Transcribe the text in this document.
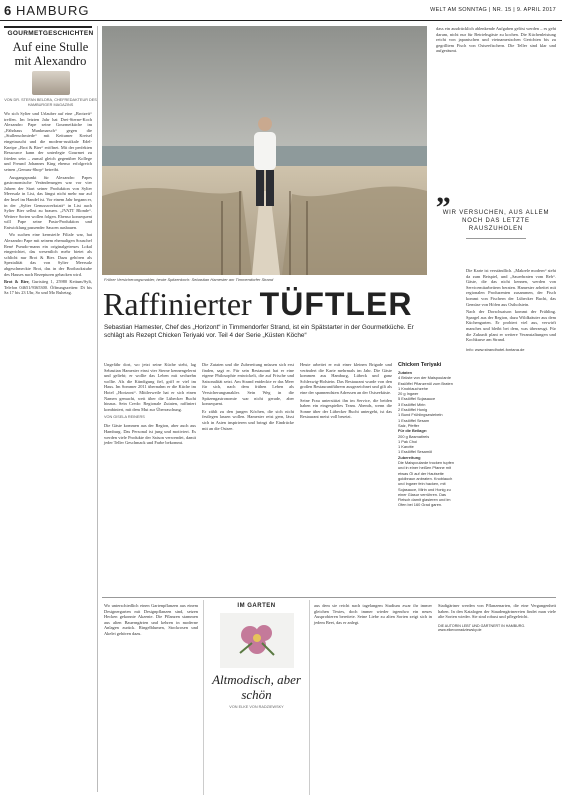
6 HAMBURG	WELT AM SONNTAG | NR. 15 | 9. APRIL 2017
GOURMETGESCHICHTEN
Auf eine Stulle mit Alexandro
VON DR. STEFAN BELDRA, CHEFREDAKTEUR DES HAMBURGER MAGAZINS

Wo sich Sylter und Urlauber auf eine „Brotzeit“ treffen. Im letzten Jahr hat Drei-Sterne-Koch Alexandro Pape seine Gourmetküche im „Fährhaus Munkmarsch“ gegen die „Stullenschmiede“ mit Keitumer Kreisel eingetauscht und die modern-rustikale Edel-Kneipe „Brot & Bier“ eröffnet. Mit der perfekten Ressource kann der unterlegte Gourmet zu frieden sein – zumal gleich gegenüber Kollege und Freund Johannes King ebenso erfolgreich seinen „Genuss-Shop“ betreibt.

Ausgangspunkt für Alexandro Papes gastronomische Veränderungen war vor vier Jahren der Start seiner Produktion von Sylter Meersalz in List, das längst nicht mehr nur auf der Insel im Handel ist. Vor einem Jahr begann er, in der „Sylter Genusswerkstatt“ in List auch Sylter Bier selbst zu brauen. „JVATT Blonde“. Weitere Sorten wollen folgen. Ebenso konsequent will Pape seine Pasta-Produktion und Entwicklung passender Saucen ausbauen.

Wo suchen eine kernsteife Filiale war, hat Alexandro Pape mit seinem ehemaligen Souschef René Pseudo-mann ein originalgetreues Lokal eingerichtet, das wesentlich mehr bietet als schlicht nur Brot & Bier. Dazu gehören als Spezialität das von Sylter Meersalz abgeschmeckte Brot, das in der Brotbackstube des Hauses nach Rezepturen gebacken wird.

Brot & Bier, Gurtstieg 1, 25980 Keitum/Sylt, Telefon 04651/9365300. Öffnungszeiten: Di bis Sa 17 bis 23 Uhr, So und Mo Ruhetag.

Früher Versicherungsmakler, heute Spitzenkoch: Sebastian Hamester am Timmendorfer Strand
Raffinierter TÜFTLER
Sebastian Hamester, Chef des „Horizont“ in Timmendorfer Strand, ist ein Spätstarter in der Gourmetküche. Er schlägt als Rezept Chicken Teriyaki vor. Teil 4 der Serie „Küsten Köche“

Ungefähr dort, wo jetzt seine Küche steht, lag Sebastian Hamester einst vier Sterne kennengelernt und geliebt; er wollte das Leben mit sechzehn wollte. Als die Kündigung fiel, griff er viel im Haus. Im Sommer 2011 übernahm er die Küche im Hotel „Horizont“. Mittlerweile hat er sich einen Namen gemacht, weit über die Lübecker Bucht hinaus. Sein Credo: Regionale Zutaten, raffiniert kombiniert, mit dem Mut zur Überraschung.

VON GISELA REINERS

Die Gäste kommen aus der Region, aber auch aus Hamburg. Das Personal ist jung und motiviert. Es werden viele Produkte der Saison verwendet, damit jeder Teller Geschmack und Farbe bekommt.

Die Zutaten und die Zubereitung müssen sich erst finden, sagt er. Für sein Restaurant hat er eine eigene Philosophie entwickelt, die auf Frische und Saisonalität setzt. Am Strand entdeckte er das Meer für sich, nach dem frühen Leben als Versicherungsmakler. Sein Weg in die Spitzengastronomie war nicht gerade, aber konsequent.

Er zählt zu den jungen Köchen, die sich nicht festlegen lassen wollen. Hamester reist gern, lässt sich in Asien inspirieren und bringt die Eindrücke mit an die Ostsee.

Heute arbeitet er mit einer kleinen Brigade und verändert die Karte mehrmals im Jahr. Die Gäste kommen aus Hamburg, Lübeck und ganz Schleswig-Holstein. Das Restaurant wurde von den großen Restaurantführern ausgezeichnet und gilt als eine der spannendsten Adressen an der Ostseeküste.

Seine Frau unterstützt ihn im Service, die beiden haben ein eingespieltes Team. Abends, wenn die Sonne über der Lübecker Bucht untergeht, ist das Restaurant meist voll besetzt.

Chicken Teriyaki
Zutaten
4 Brüste von der Maispoularde
Esslöffel Pflanzenöl zum Braten
1 Knoblauchzehe
20 g Ingwer
5 Esslöffel Sojasauce
3 Esslöffel Mirin
2 Esslöffel Honig
1 Bund Frühlingszwiebeln
1 Esslöffel Sesam
Salz, Pfeffer
Für die Beilage:
200 g Basmatireis
1 Pak Choi
1 Karotte
1 Esslöffel Sesamöl
Zubereitung
Die Maispoularde trocken tupfen und in einer heißen Pfanne mit etwas Öl auf der Hautseite goldbraun anbraten. Knoblauch und Ingwer fein hacken, mit Sojasauce, Mirin und Honig zu einer Glasur verrühren. Das Fleisch damit glasieren und im Ofen bei 160 Grad garen.

dass ein ausdrücklich ablenkende Aufgaben gelöst werden – es geht darum, nicht nur für Betriebsgäste zu kochen. Die Küchenleistung reicht von japanischen und vietnamesischen Gerichten bis zu gegrilltem Fisch von Ostseefischern. Die Teller sind klar und aufgeräumt.

„
WIR VERSUCHEN, AUS ALLEM NOCH DAS LETZTE RAUSZUHOLEN

Die Karte ist verständlich. „Makrele modern“ steht da zum Beispiel, und „Sauerbraten vom Reh“. Gäste, die das nicht kennen, werden von Servicemitarbeitern beraten. Hamester arbeitet mit regionalen Produzenten zusammen, der Fisch kommt von Fischern der Lübecker Bucht, das Gemüse von Höfen aus Ostholstein.

Nach der Dorschsaison kommt der Frühling. Spargel aus der Region, dazu Wildkräuter aus dem Küchengarten. Er probiert viel aus, verwirft manches und bleibt bei dem, was überzeugt. Für die Zukunft plant er weitere Veranstaltungen und Kochkurse am Strand.

Info: www.strandhotel-fontana.de

Wo unterschiedlich einen Gartenpflanzen aus einem Designergarten mit Designpflanzen sind, setzen Hecken gekonnte Akzente. Die Pflanzen stammen aus alten Bauerngärten und kehren in moderne Anlagen zurück. Ringelblumen, Stockrosen und Akelei gehören dazu.

IM GARTEN
Altmodisch, aber schön
VON ELKE VON RADZIEWSKY

aus dem sie reicht nach tagelangem Studium zwar ihr immer gleichen Textes, doch immer wieder irgendwo ein neues Ausprobieren bereitete. Seine Liebe zu alten Sorten zeigt sich in jedem Beet, das er anlegt.

Stadtgärtner werden von Pflanzenarten, die eine Vergangenheit haben. In den Katalogen der Staudengärtnereien findet man viele alte Sorten wieder. Sie sind robust und pflegeleicht.

DIE AUTORIN LEBT UND GÄRTNERT IN HAMBURG. www.elkevonradziewsky.de
